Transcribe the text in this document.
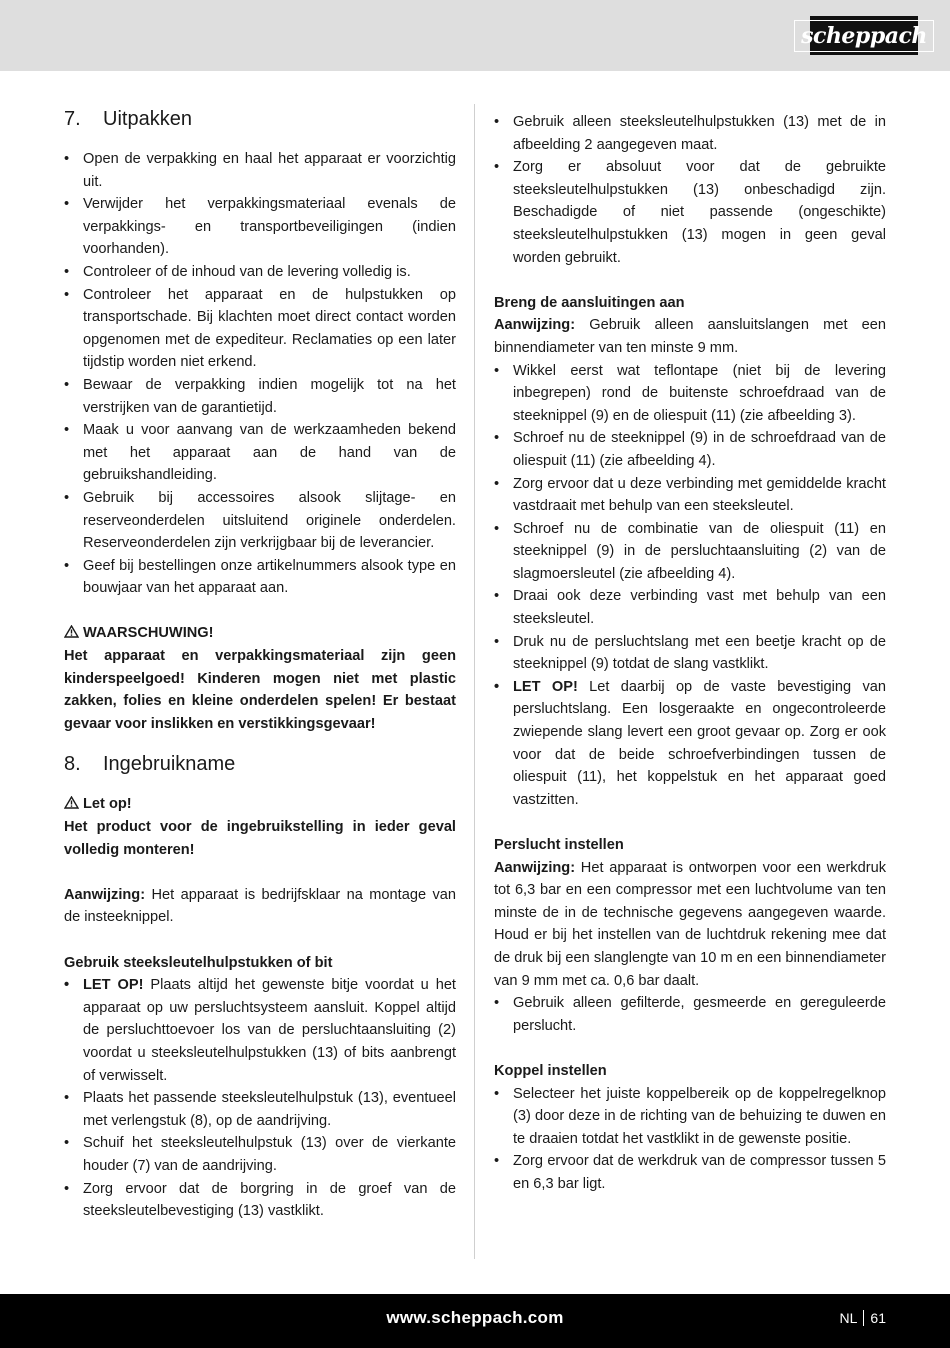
scheppach
7.	Uitpakken
• Open de verpakking en haal het apparaat er voorzichtig uit.
• Verwijder het verpakkingsmateriaal evenals de verpakkings- en transportbeveiligingen (indien voorhanden).
• Controleer of de inhoud van de levering volledig is.
• Controleer het apparaat en de hulpstukken op transportschade. Bij klachten moet direct contact worden opgenomen met de expediteur. Reclamaties op een later tijdstip worden niet erkend.
• Bewaar de verpakking indien mogelijk tot na het verstrijken van de garantietijd.
• Maak u voor aanvang van de werkzaamheden bekend met het apparaat aan de hand van de gebruikshandleiding.
• Gebruik bij accessoires alsook slijtage- en reserveonderdelen uitsluitend originele onderdelen. Reserveonderdelen zijn verkrijgbaar bij de leverancier.
• Geef bij bestellingen onze artikelnummers alsook type en bouwjaar van het apparaat aan.

WAARSCHUWING!

Het apparaat en verpakkingsmateriaal zijn geen kinderspeelgoed! Kinderen mogen niet met plastic zakken, folies en kleine onderdelen spelen! Er bestaat gevaar voor inslikken en verstikkingsgevaar!

8.	Ingebruikname

Let op!

Het product voor de ingebruikstelling in ieder geval volledig monteren!

Aanwijzing: Het apparaat is bedrijfsklaar na montage van de insteeknippel.

Gebruik steeksleutelhulpstukken of bit

• LET OP! Plaats altijd het gewenste bitje voordat u het apparaat op uw persluchtsysteem aansluit. Koppel altijd de persluchttoevoer los van de persluchtaansluiting (2) voordat u steeksleutelhulpstukken (13) of bits aanbrengt of verwisselt.
• Plaats het passende steeksleutelhulpstuk (13), eventueel met verlengstuk (8), op de aandrijving.
• Schuif het steeksleutelhulpstuk (13) over de vierkante houder (7) van de aandrijving.
• Zorg ervoor dat de borgring in de groef van de steeksleutelbevestiging (13) vastklikt.
• Gebruik alleen steeksleutelhulpstukken (13) met de in afbeelding 2 aangegeven maat.
• Zorg er absoluut voor dat de gebruikte steeksleutelhulpstukken (13) onbeschadigd zijn. Beschadigde of niet passende (ongeschikte) steeksleutelhulpstukken (13) mogen in geen geval worden gebruikt.

Breng de aansluitingen aan

Aanwijzing: Gebruik alleen aansluitslangen met een binnendiameter van ten minste 9 mm.

• Wikkel eerst wat teflontape (niet bij de levering inbegrepen) rond de buitenste schroefdraad van de steeknippel (9) en de oliespuit (11) (zie afbeelding 3).
• Schroef nu de steeknippel (9) in de schroefdraad van de oliespuit (11) (zie afbeelding 4).
• Zorg ervoor dat u deze verbinding met gemiddelde kracht vastdraait met behulp van een steeksleutel.
• Schroef nu de combinatie van de oliespuit (11) en steeknippel (9) in de persluchtaansluiting (2) van de slagmoersleutel (zie afbeelding 4).
• Draai ook deze verbinding vast met behulp van een steeksleutel.
• Druk nu de persluchtslang met een beetje kracht op de steeknippel (9) totdat de slang vastklikt.
• LET OP! Let daarbij op de vaste bevestiging van persluchtslang. Een losgeraakte en ongecontroleerde zwiepende slang levert een groot gevaar op. Zorg er ook voor dat de beide schroefverbindingen tussen de oliespuit (11), het koppelstuk en het apparaat goed vastzitten.

Perslucht instellen

Aanwijzing: Het apparaat is ontworpen voor een werkdruk tot 6,3 bar en een compressor met een luchtvolume van ten minste de in de technische gegevens aangegeven waarde. Houd er bij het instellen van de luchtdruk rekening mee dat de druk bij een slanglengte van 10 m en een binnendiameter van 9 mm met ca. 0,6 bar daalt.

• Gebruik alleen gefilterde, gesmeerde en gereguleerde perslucht.

Koppel instellen

• Selecteer het juiste koppelbereik op de koppelregelknop (3) door deze in de richting van de behuizing te duwen en te draaien totdat het vastklikt in de gewenste positie.
• Zorg ervoor dat de werkdruk van de compressor tussen 5 en 6,3 bar ligt.
www.scheppach.com	NL 61
